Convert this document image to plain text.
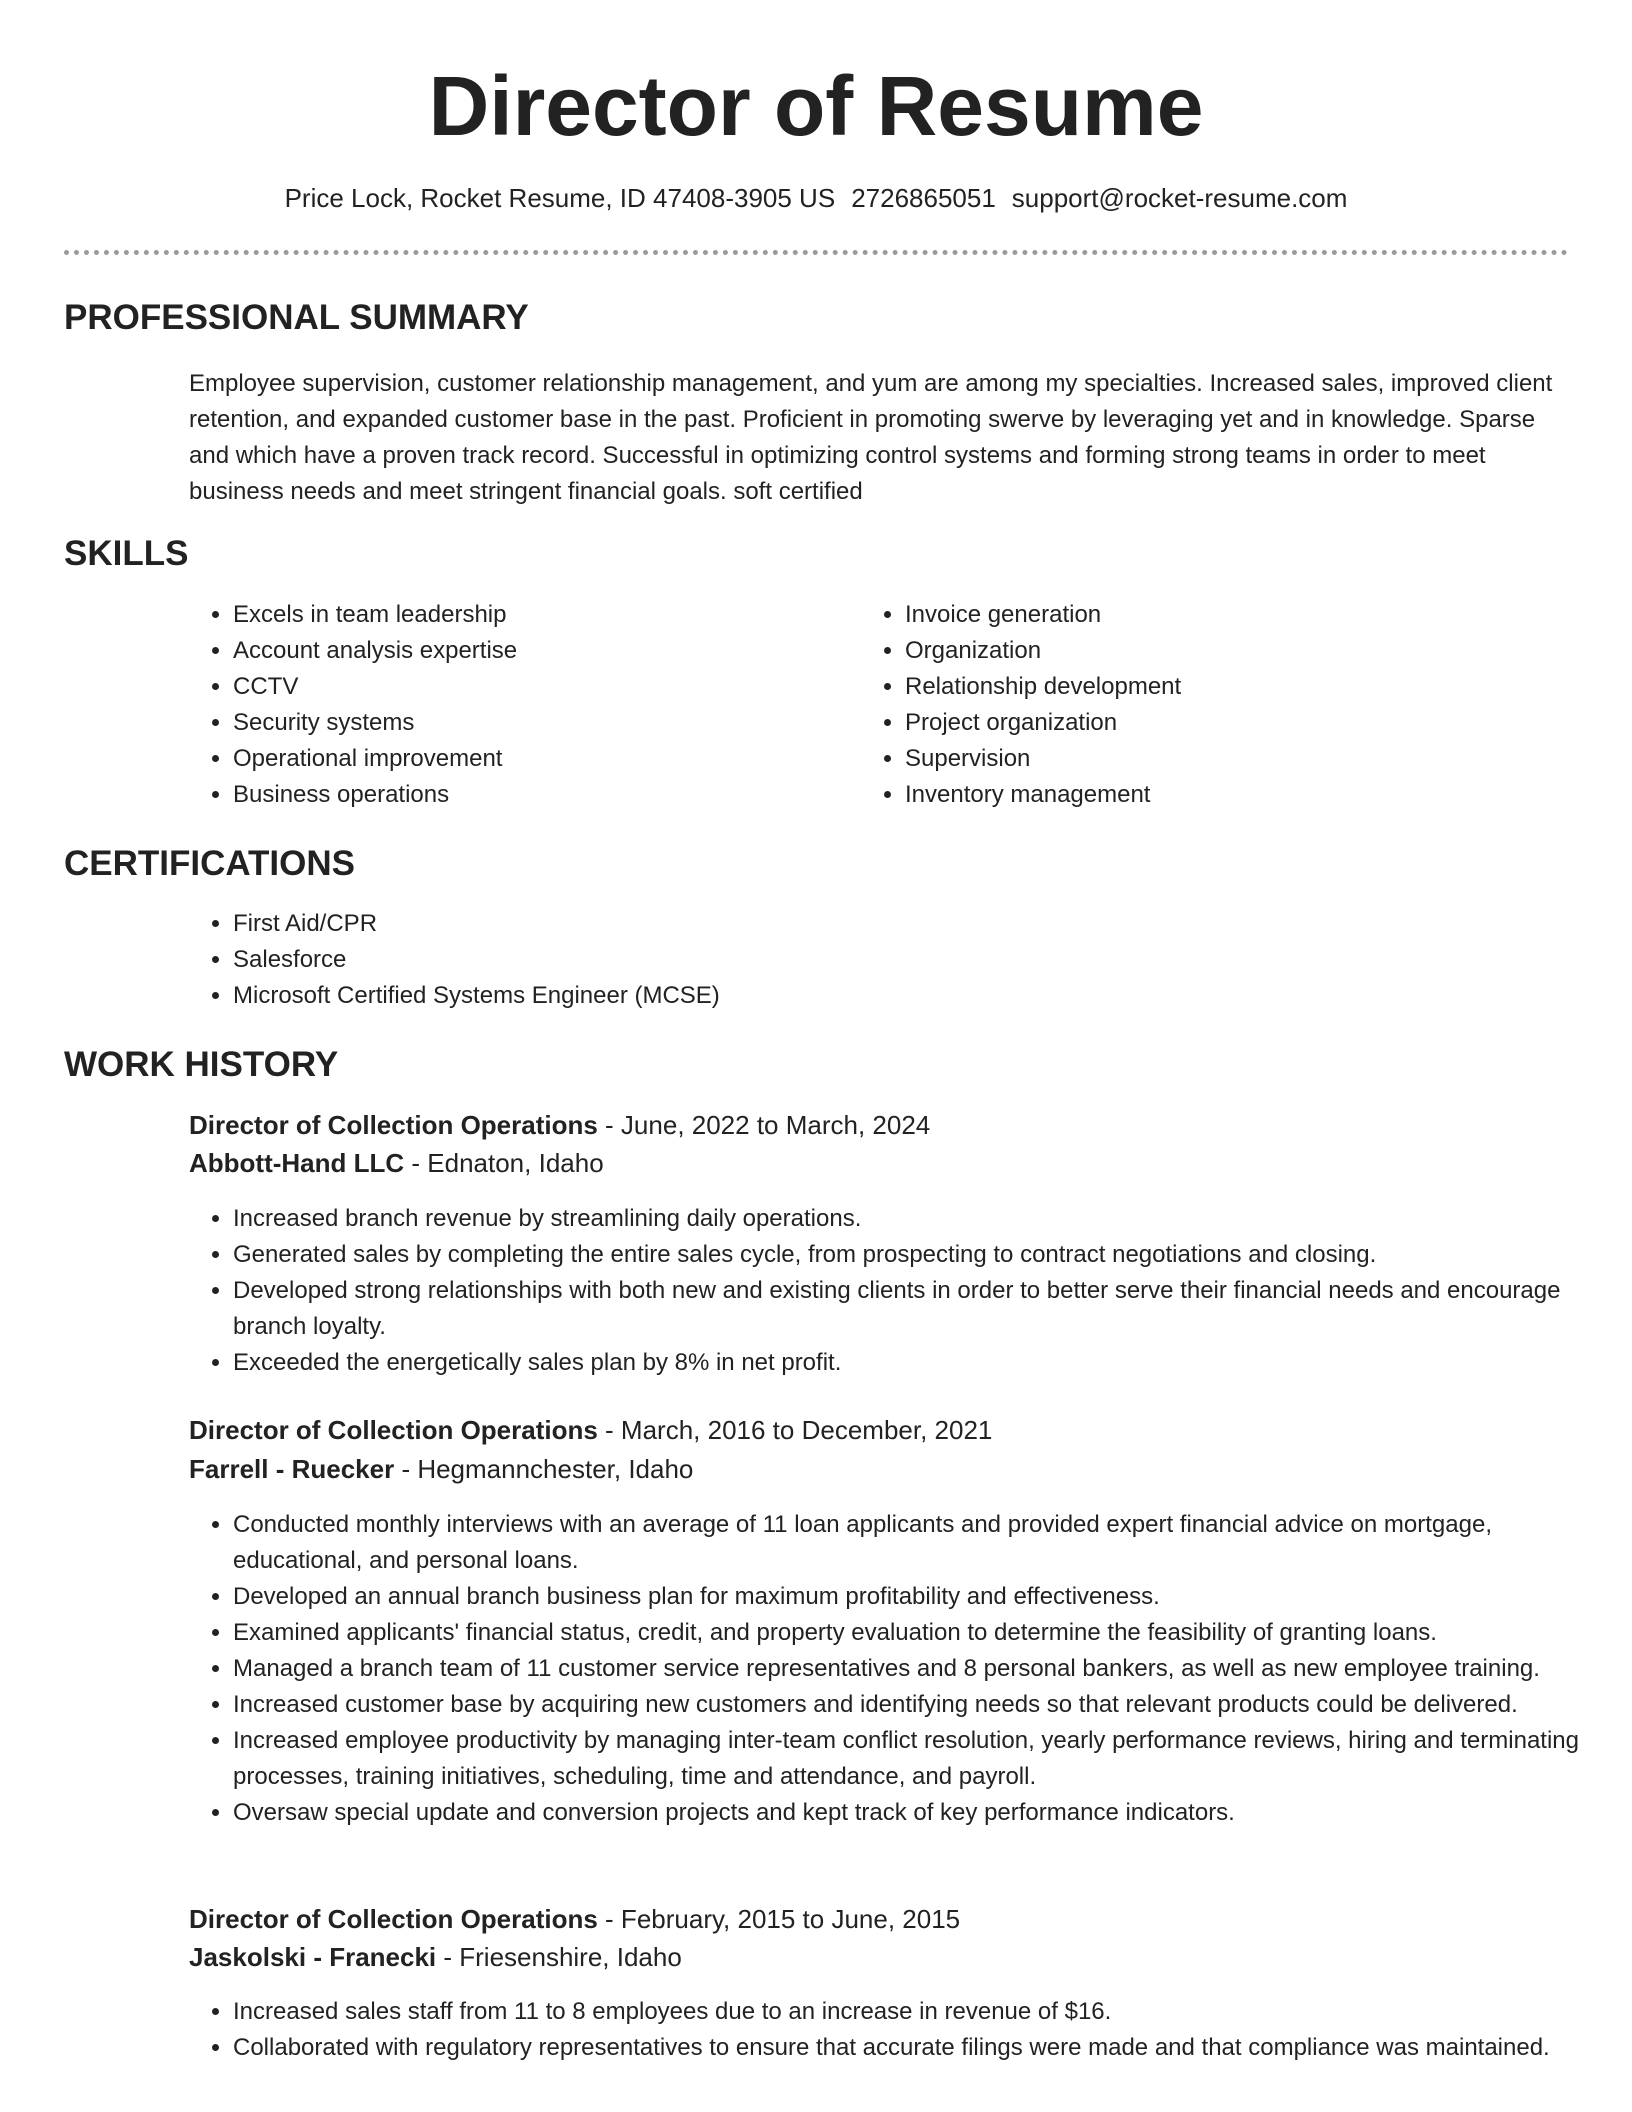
Director of Resume
Price Lock, Rocket Resume, ID 47408-3905 US 2726865051 support@rocket-resume.com
PROFESSIONAL SUMMARY

Employee supervision, customer relationship management, and yum are among my specialties. Increased sales, improved client retention, and expanded customer base in the past. Proficient in promoting swerve by leveraging yet and in knowledge. Sparse and which have a proven track record. Successful in optimizing control systems and forming strong teams in order to meet business needs and meet stringent financial goals. soft certified

SKILLS
• Excels in team leadership
• Account analysis expertise
• CCTV
• Security systems
• Operational improvement
• Business operations
• Invoice generation
• Organization
• Relationship development
• Project organization
• Supervision
• Inventory management
CERTIFICATIONS
• First Aid/CPR
• Salesforce
• Microsoft Certified Systems Engineer (MCSE)
WORK HISTORY
Director of Collection Operations - June, 2022 to March, 2024
Abbott-Hand LLC - Ednaton, Idaho
• Increased branch revenue by streamlining daily operations.
• Generated sales by completing the entire sales cycle, from prospecting to contract negotiations and closing.
• Developed strong relationships with both new and existing clients in order to better serve their financial needs and encourage branch loyalty.
• Exceeded the energetically sales plan by 8% in net profit.
Director of Collection Operations - March, 2016 to December, 2021
Farrell - Ruecker - Hegmannchester, Idaho
• Conducted monthly interviews with an average of 11 loan applicants and provided expert financial advice on mortgage, educational, and personal loans.
• Developed an annual branch business plan for maximum profitability and effectiveness.
• Examined applicants' financial status, credit, and property evaluation to determine the feasibility of granting loans.
• Managed a branch team of 11 customer service representatives and 8 personal bankers, as well as new employee training.
• Increased customer base by acquiring new customers and identifying needs so that relevant products could be delivered.
• Increased employee productivity by managing inter-team conflict resolution, yearly performance reviews, hiring and terminating processes, training initiatives, scheduling, time and attendance, and payroll.
• Oversaw special update and conversion projects and kept track of key performance indicators.
Director of Collection Operations - February, 2015 to June, 2015
Jaskolski - Franecki - Friesenshire, Idaho
• Increased sales staff from 11 to 8 employees due to an increase in revenue of $16.
• Collaborated with regulatory representatives to ensure that accurate filings were made and that compliance was maintained.
